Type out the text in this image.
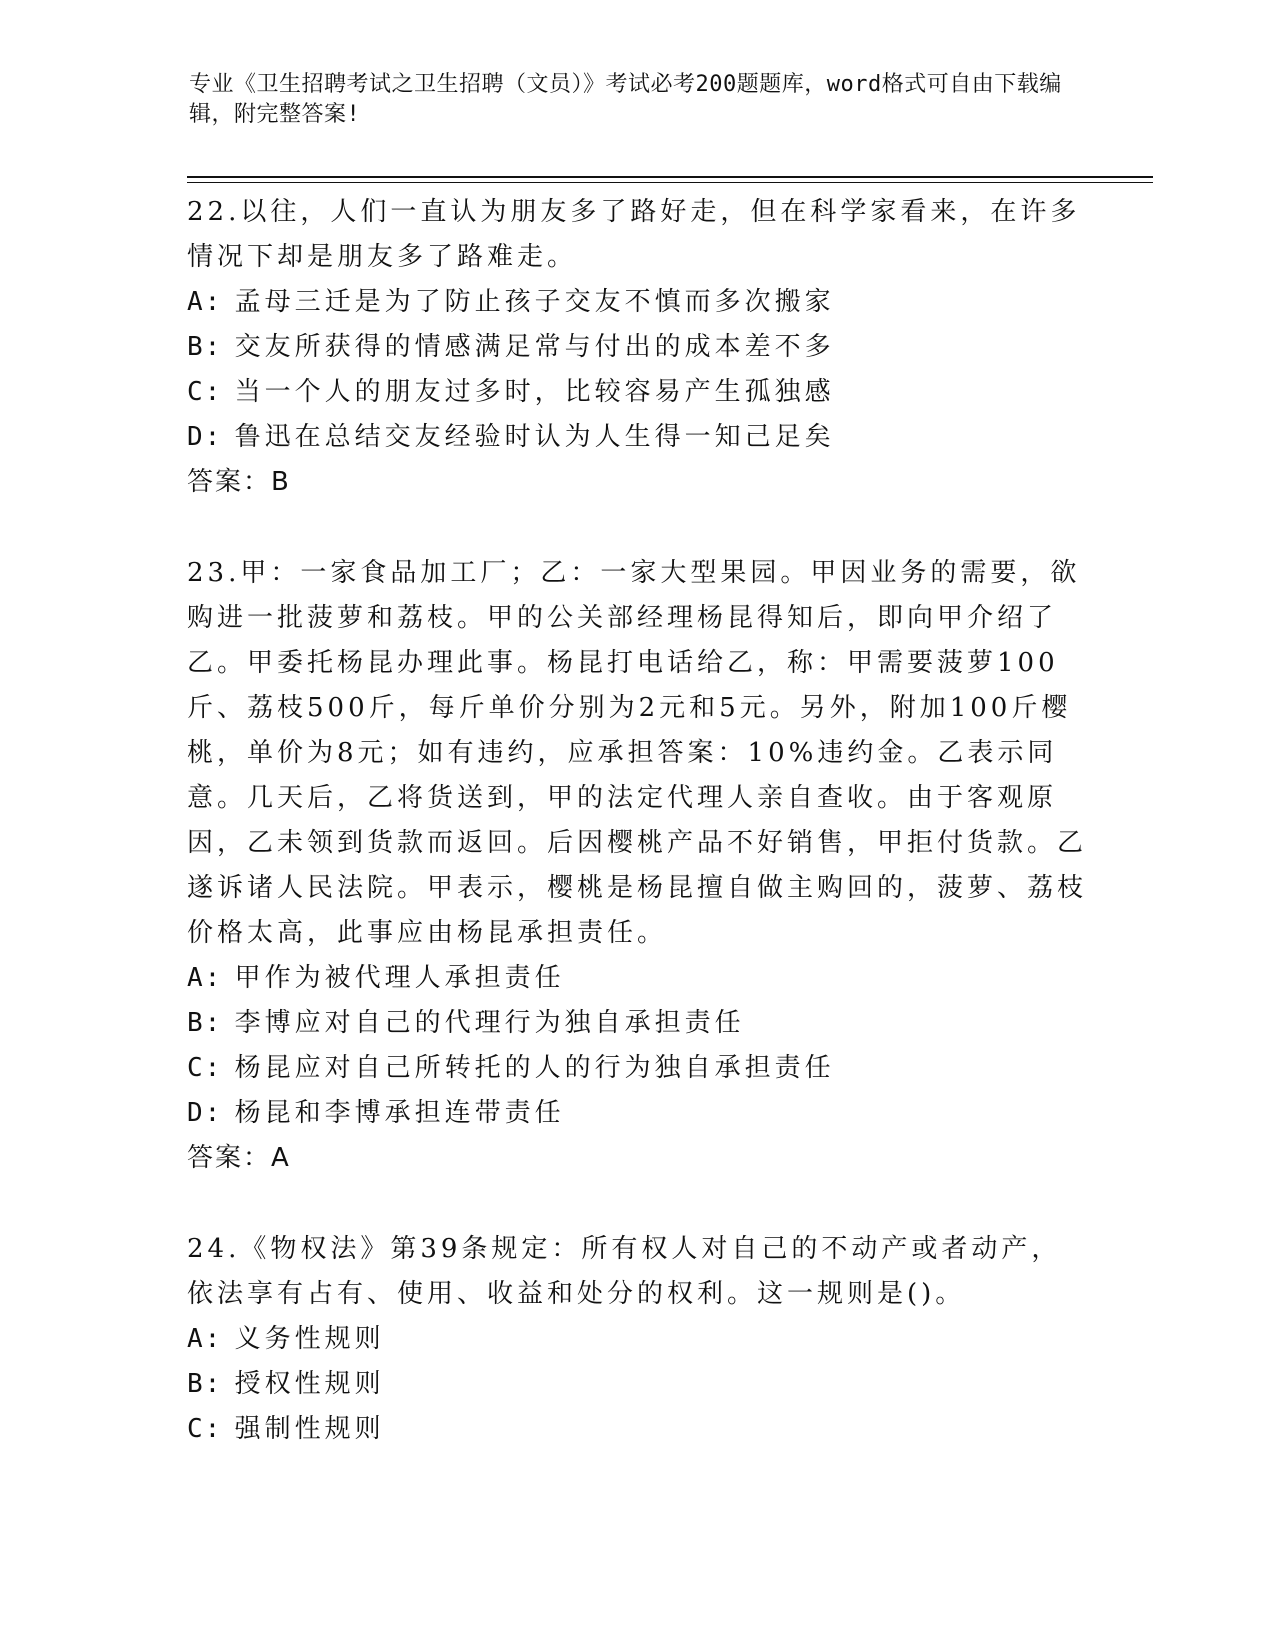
专业《卫生招聘考试之卫生招聘（文员）》考试必考200题题库，word格式可自由下载编辑，附完整答案!

22.以往，人们一直认为朋友多了路好走，但在科学家看来，在许多情况下却是朋友多了路难走。

A: 孟母三迁是为了防止孩子交友不慎而多次搬家

B: 交友所获得的情感满足常与付出的成本差不多

C: 当一个人的朋友过多时，比较容易产生孤独感

D: 鲁迅在总结交友经验时认为人生得一知己足矣

答案：B

23.甲：一家食品加工厂；乙：一家大型果园。甲因业务的需要，欲购进一批菠萝和荔枝。甲的公关部经理杨昆得知后，即向甲介绍了乙。甲委托杨昆办理此事。杨昆打电话给乙，称：甲需要菠萝100斤、荔枝500斤，每斤单价分别为2元和5元。另外，附加100斤樱桃，单价为8元；如有违约，应承担答案：10%违约金。乙表示同意。几天后，乙将货送到，甲的法定代理人亲自查收。由于客观原因，乙未领到货款而返回。后因樱桃产品不好销售，甲拒付货款。乙遂诉诸人民法院。甲表示，樱桃是杨昆擅自做主购回的，菠萝、荔枝价格太高，此事应由杨昆承担责任。

A: 甲作为被代理人承担责任

B: 李博应对自己的代理行为独自承担责任

C: 杨昆应对自己所转托的人的行为独自承担责任

D: 杨昆和李博承担连带责任

答案：A

24.《物权法》第39条规定：所有权人对自己的不动产或者动产，依法享有占有、使用、收益和处分的权利。这一规则是()。

A: 义务性规则

B: 授权性规则

C: 强制性规则
